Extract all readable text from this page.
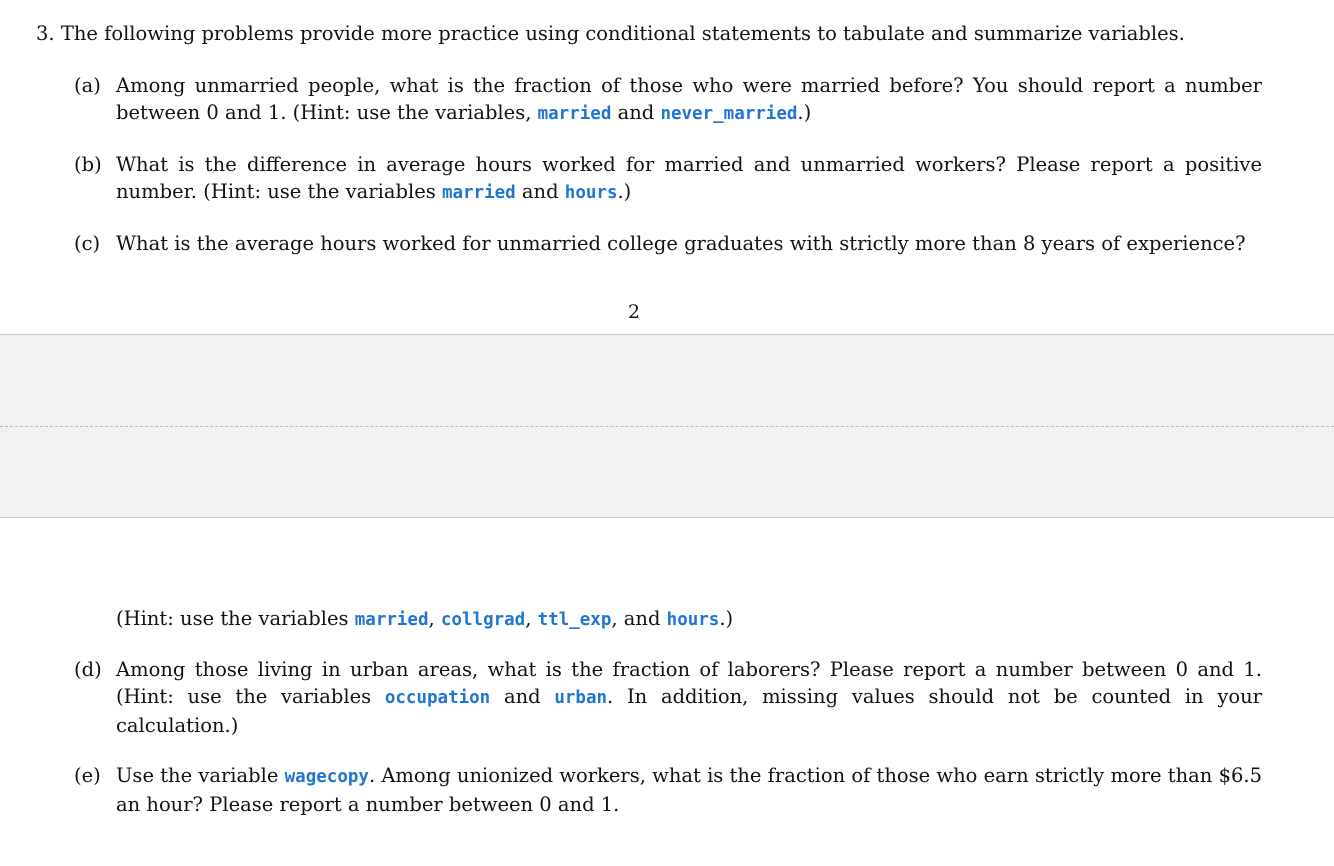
3. The following problems provide more practice using conditional statements to tabulate and summarize variables.
(a) Among unmarried people, what is the fraction of those who were married before? You should report a number between 0 and 1. (Hint: use the variables, married and never_married.)
(b) What is the difference in average hours worked for married and unmarried workers? Please report a positive number. (Hint: use the variables married and hours.)
(c) What is the average hours worked for unmarried college graduates with strictly more than 8 years of experience?
2
(Hint: use the variables married, collgrad, ttl_exp, and hours.)
(d) Among those living in urban areas, what is the fraction of laborers? Please report a number between 0 and 1. (Hint: use the variables occupation and urban. In addition, missing values should not be counted in your calculation.)
(e) Use the variable wagecopy. Among unionized workers, what is the fraction of those who earn strictly more than $6.5 an hour? Please report a number between 0 and 1.
